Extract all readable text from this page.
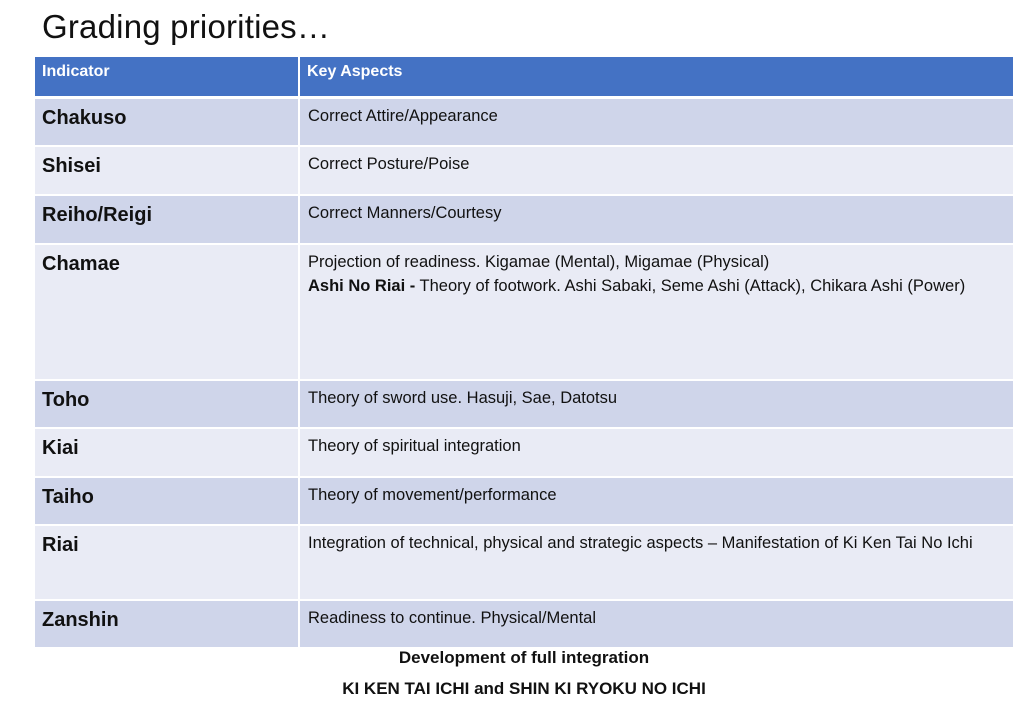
Grading priorities…
Indicator	Key Aspects
Chakuso	Correct Attire/Appearance
Shisei	Correct Posture/Poise
Reiho/Reigi	Correct Manners/Courtesy
Chamae	Projection of readiness. Kigamae (Mental), Migamae (Physical)
Ashi No Riai - Theory of footwork. Ashi Sabaki, Seme Ashi (Attack), Chikara Ashi (Power)
Toho	Theory of sword use. Hasuji, Sae, Datotsu
Kiai	Theory of spiritual integration
Taiho	Theory of movement/performance
Riai	Integration of technical, physical and strategic aspects – Manifestation of Ki Ken Tai No Ichi
Zanshin	Readiness to continue. Physical/Mental
Development of full integration
KI KEN TAI ICHI and SHIN KI RYOKU NO ICHI
